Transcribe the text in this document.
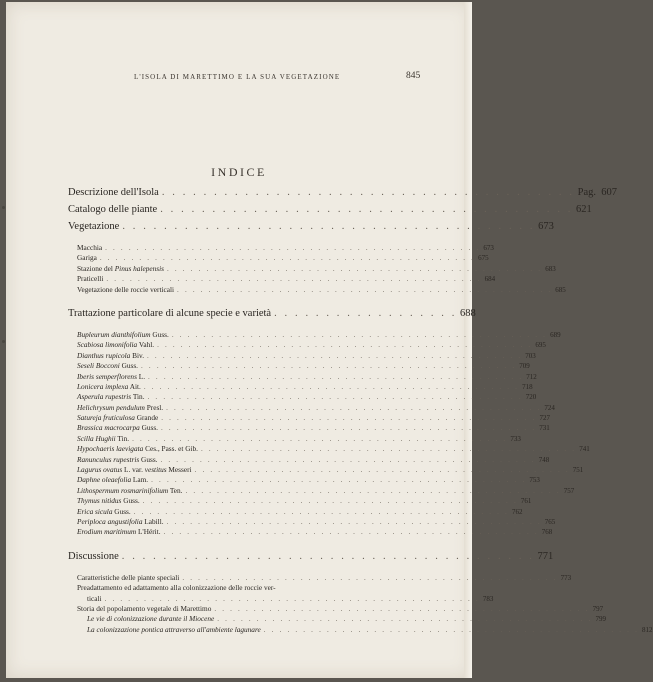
L'ISOLA DI MARETTIMO E LA SUA VEGETAZIONE	845
INDICE
Descrizione dell'Isola . . . . . . . . . . . . . . . . . . . . . . . . . . . . . . . . . . . . . . . . Pag. 607
Catalogo delle piante . . . . . . . . . . . . . . . . . . . . . . . . . . . . . . . . . . . . . . . . 621
Vegetazione . . . . . . . . . . . . . . . . . . . . . . . . . . . . . . . . . . . . . . . . 673
Macchia . . . . . . . . . . . . . . . . . . . . . . . . . . . . . . . . . . . . . . . . . . . . . . . . 673
Gariga . . . . . . . . . . . . . . . . . . . . . . . . . . . . . . . . . . . . . . . . . . . . . . . . 675
Stazione del Pinus halepensis . . . . . . . . . . . . . . . . . . . . . . . . . . . . . . . . . . . . . . . . . . . . . . . . 683
Praticelli . . . . . . . . . . . . . . . . . . . . . . . . . . . . . . . . . . . . . . . . . . . . . . . . 684
Vegetazione delle roccie verticali . . . . . . . . . . . . . . . . . . . . . . . . . . . . . . . . . . . . . . . . . . . . . . . . 685
Trattazione particolare di alcune specie e varietà . . . . . . . . . . . . . . . . . . 688
Bupleurum dianthifolium Guss. . . . . . . . . . . . . . . . . . . . . . . . . . . . . . . . . . . . . . . . . . . . . . . . . 689
Scabiosa limonifolia Vahl. . . . . . . . . . . . . . . . . . . . . . . . . . . . . . . . . . . . . . . . . . . . . . . . . 695
Dianthus rupicola Biv. . . . . . . . . . . . . . . . . . . . . . . . . . . . . . . . . . . . . . . . . . . . . . . . . 703
Seseli Bocconi Guss. . . . . . . . . . . . . . . . . . . . . . . . . . . . . . . . . . . . . . . . . . . . . . . . . 709
Iberis semperflorens L. . . . . . . . . . . . . . . . . . . . . . . . . . . . . . . . . . . . . . . . . . . . . . . . . 712
Lonicera implexa Ait. . . . . . . . . . . . . . . . . . . . . . . . . . . . . . . . . . . . . . . . . . . . . . . . . 718
Asperula rupestris Tin. . . . . . . . . . . . . . . . . . . . . . . . . . . . . . . . . . . . . . . . . . . . . . . . . 720
Helichrysum pendulum Presl. . . . . . . . . . . . . . . . . . . . . . . . . . . . . . . . . . . . . . . . . . . . . . . . . 724
Satureja fruticulosa Grande . . . . . . . . . . . . . . . . . . . . . . . . . . . . . . . . . . . . . . . . . . . . . . . . 727
Brassica macrocarpa Guss. . . . . . . . . . . . . . . . . . . . . . . . . . . . . . . . . . . . . . . . . . . . . . . . . 731
Scilla Hughii Tin. . . . . . . . . . . . . . . . . . . . . . . . . . . . . . . . . . . . . . . . . . . . . . . . . 733
Hypochaeris laevigata Ces., Pass. et Gib. . . . . . . . . . . . . . . . . . . . . . . . . . . . . . . . . . . . . . . . . . . . . . . . . 741
Ranunculus rupestris Guss. . . . . . . . . . . . . . . . . . . . . . . . . . . . . . . . . . . . . . . . . . . . . . . . . 748
Lagurus ovatus L. var. vestitus Messeri . . . . . . . . . . . . . . . . . . . . . . . . . . . . . . . . . . . . . . . . . . . . . . . . 751
Daphne oleaefolia Lam. . . . . . . . . . . . . . . . . . . . . . . . . . . . . . . . . . . . . . . . . . . . . . . . . 753
Lithospermum rosmarinifolium Ten. . . . . . . . . . . . . . . . . . . . . . . . . . . . . . . . . . . . . . . . . . . . . . . . . 757
Thymus nitidus Guss. . . . . . . . . . . . . . . . . . . . . . . . . . . . . . . . . . . . . . . . . . . . . . . . . 761
Erica sicula Guss. . . . . . . . . . . . . . . . . . . . . . . . . . . . . . . . . . . . . . . . . . . . . . . . . 762
Periploca angustifolia Labill. . . . . . . . . . . . . . . . . . . . . . . . . . . . . . . . . . . . . . . . . . . . . . . . . 765
Erodium maritimum L'Hérit. . . . . . . . . . . . . . . . . . . . . . . . . . . . . . . . . . . . . . . . . . . . . . . . . 768
Discussione . . . . . . . . . . . . . . . . . . . . . . . . . . . . . . . . . . . . . . . . 771
Caratteristiche delle piante speciali . . . . . . . . . . . . . . . . . . . . . . . . . . . . . . . . . . . . . . . . . . . . . . . . 773
Preadattamento ed adattamento alla colonizzazione delle roccie ver-
ticali . . . . . . . . . . . . . . . . . . . . . . . . . . . . . . . . . . . . . . . . . . . . . . . . 783
Storia del popolamento vegetale di Marettimo . . . . . . . . . . . . . . . . . . . . . . . . . . . . . . . . . . . . . . . . . . . . . . . . 797
Le vie di colonizzazione durante il Miocene . . . . . . . . . . . . . . . . . . . . . . . . . . . . . . . . . . . . . . . . . . . . . . . . 799
La colonizzazione pontica attraverso all'ambiente lagunare . . . . . . . . . . . . . . . . . . . . . . . . . . . . . . . . . . . . . . . . . . . . . . . . 812
